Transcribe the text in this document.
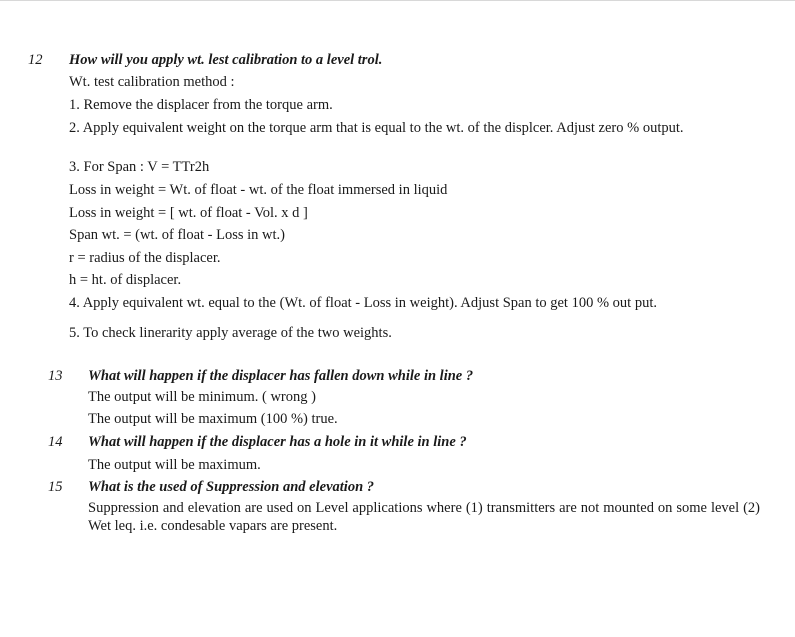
12 How will you apply wt. lest calibration to a level trol.
Wt. test calibration method :
1. Remove the displacer from the torque arm.
2. Apply equivalent weight on the torque arm that is equal to the wt. of the displcer. Adjust zero % output.
3. For Span : V = TTr2h
Loss in weight = Wt. of float - wt. of the float immersed in liquid
Loss in weight = [ wt. of float - Vol. x d ]
Span wt. = (wt. of float - Loss in wt.)
r = radius of the displacer.
h = ht. of displacer.
4. Apply equivalent wt. equal to the (Wt. of float - Loss in weight). Adjust Span to get 100 % out put.
5. To check linerarity apply average of the two weights.
13 What will happen if the displacer has fallen down while in line ?
The output will be minimum. ( wrong )
The output will be maximum (100 %) true.
14 What will happen if the displacer has a hole in it while in line ?
The output will be maximum.
15 What is the used of Suppression and elevation ?
Suppression and elevation are used on Level applications where (1) transmitters are not mounted on some level (2) Wet leq. i.e. condesable vapars are present.
